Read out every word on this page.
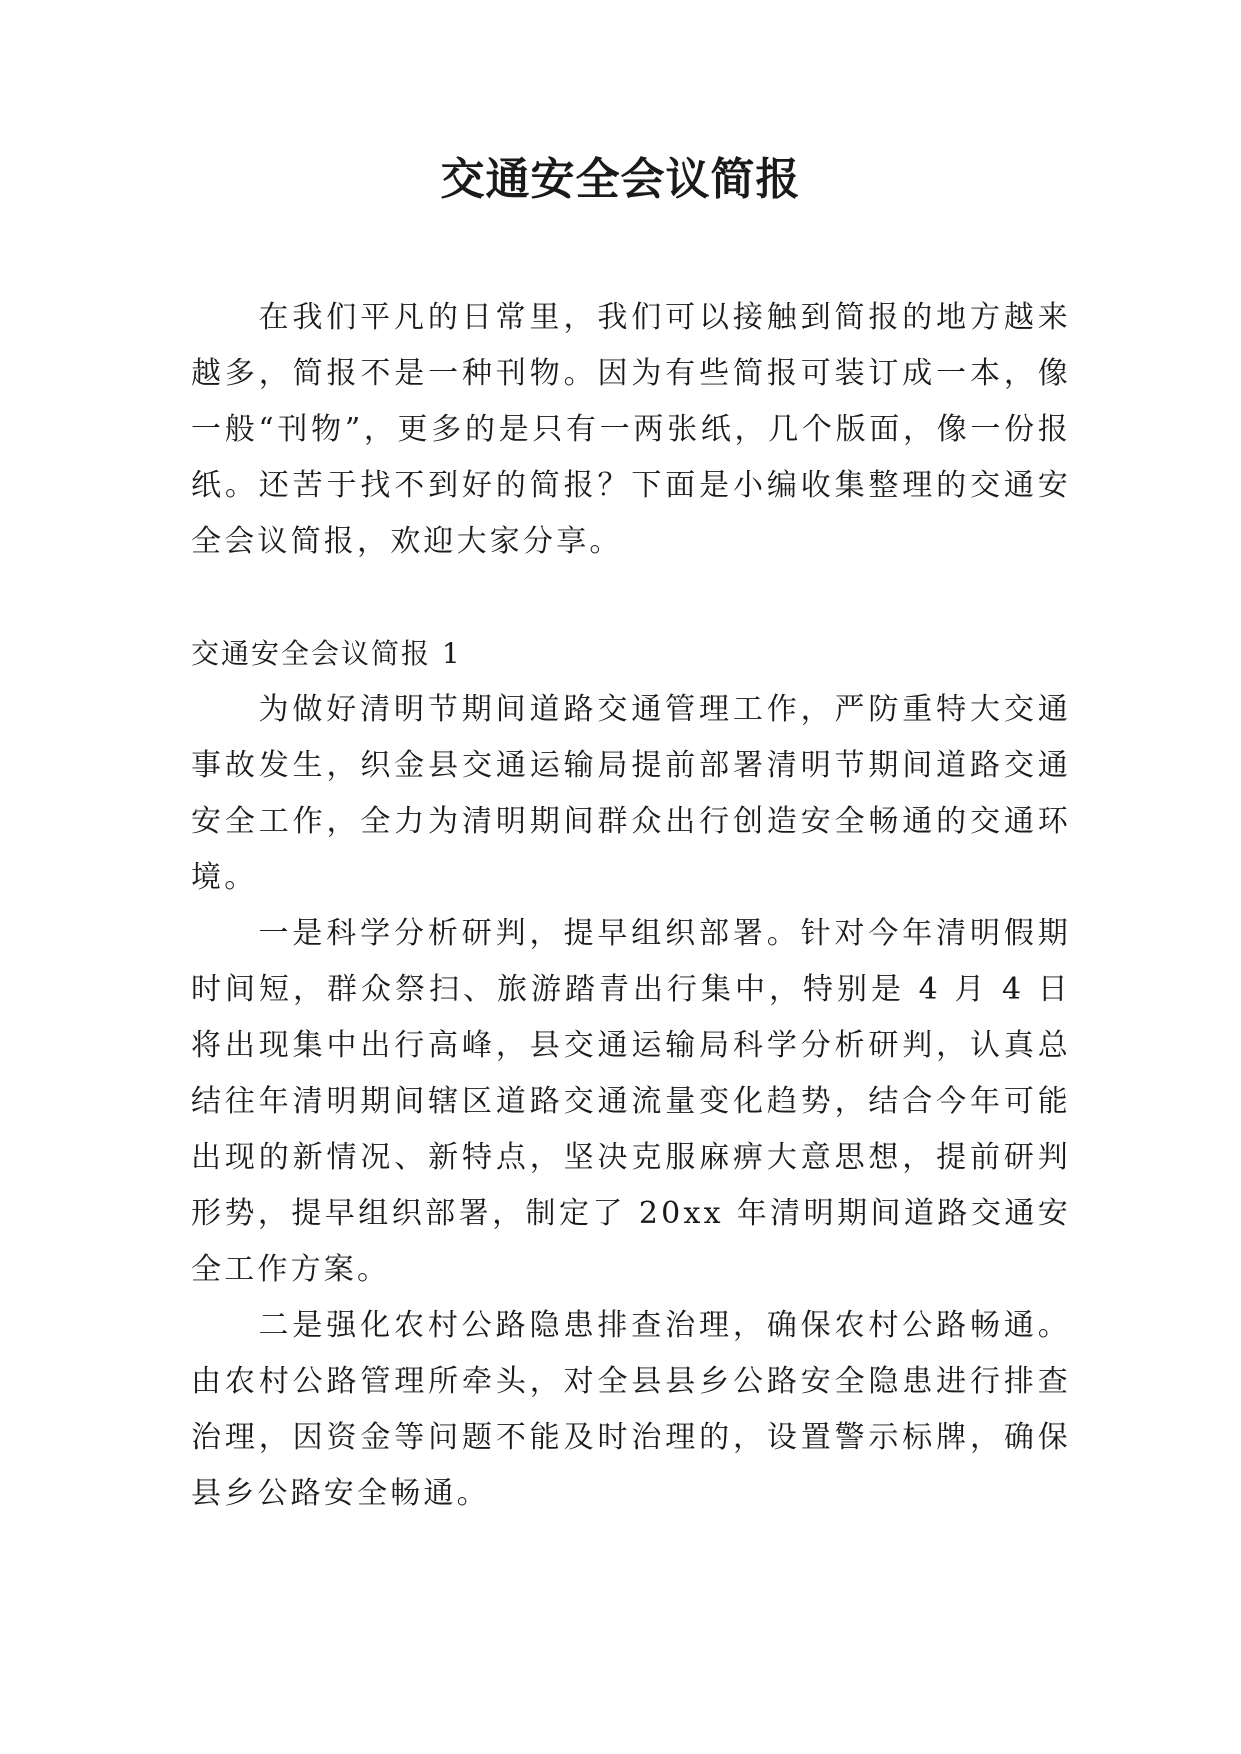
交通安全会议简报

在我们平凡的日常里，我们可以接触到简报的地方越来越多，简报不是一种刊物。因为有些简报可装订成一本，像一般“刊物”，更多的是只有一两张纸，几个版面，像一份报纸。还苦于找不到好的简报？下面是小编收集整理的交通安全会议简报，欢迎大家分享。

交通安全会议简报 1

为做好清明节期间道路交通管理工作，严防重特大交通事故发生，织金县交通运输局提前部署清明节期间道路交通安全工作，全力为清明期间群众出行创造安全畅通的交通环境。

一是科学分析研判，提早组织部署。针对今年清明假期时间短，群众祭扫、旅游踏青出行集中，特别是 4 月 4 日将出现集中出行高峰，县交通运输局科学分析研判，认真总结往年清明期间辖区道路交通流量变化趋势，结合今年可能出现的新情况、新特点，坚决克服麻痹大意思想，提前研判形势，提早组织部署，制定了 20xx 年清明期间道路交通安全工作方案。

二是强化农村公路隐患排查治理，确保农村公路畅通。由农村公路管理所牵头，对全县县乡公路安全隐患进行排查治理，因资金等问题不能及时治理的，设置警示标牌，确保县乡公路安全畅通。
